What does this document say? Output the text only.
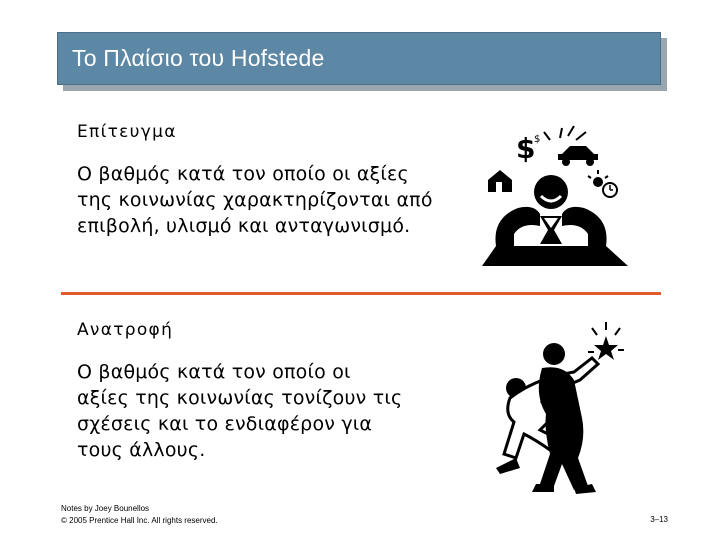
Το Πλαίσιο του Hofstede
Επίτευγμα
Ο βαθμός κατά τον οποίο οι αξίες
της κοινωνίας χαρακτηρίζονται από
επιβολή, υλισμό και ανταγωνισμό.
$
$
Ανατροφή
Ο βαθμός κατά τον οποίο οι
αξίες της κοινωνίας τονίζουν τις
σχέσεις και το ενδιαφέρον για
τους άλλους.
Notes by Joey Bounellos
© 2005 Prentice Hall Inc. All rights reserved.	3–13
